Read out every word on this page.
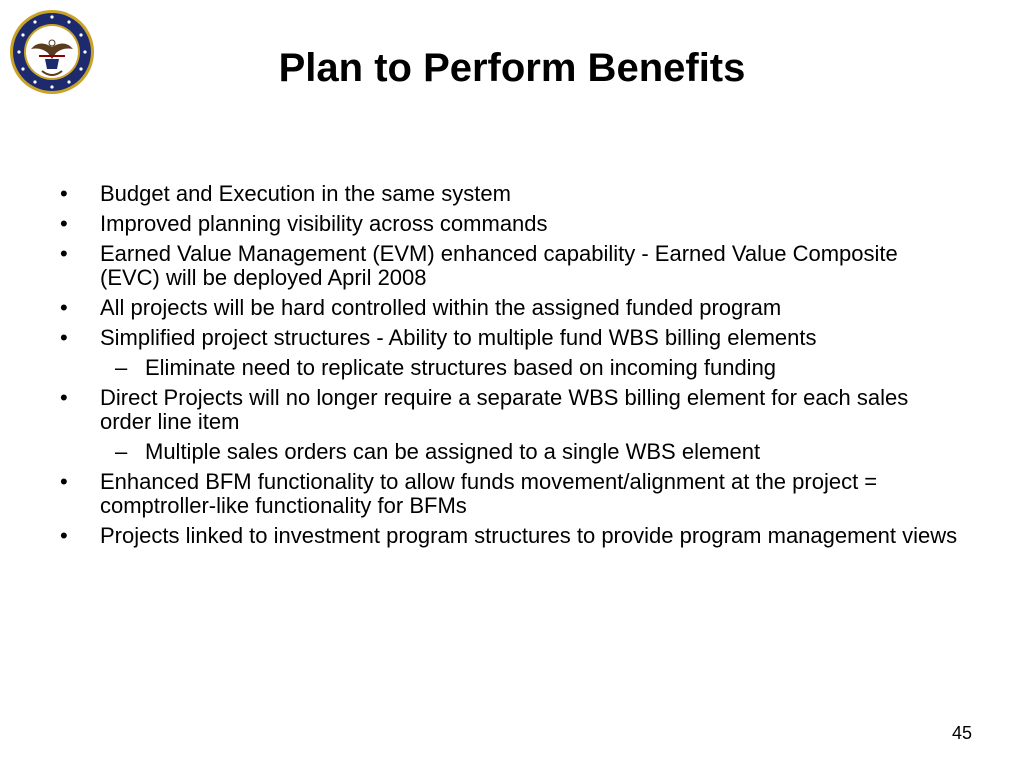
Plan to Perform Benefits
• Budget and Execution in the same system
• Improved planning visibility across commands
• Earned Value Management (EVM) enhanced capability - Earned Value Composite (EVC) will be deployed April 2008
• All projects will be hard controlled within the assigned funded program
• Simplified project structures - Ability to multiple fund WBS billing elements
– Eliminate need to replicate structures based on incoming funding
• Direct Projects will no longer require a separate WBS billing element for each sales order line item
– Multiple sales orders can be assigned to a single WBS element
• Enhanced BFM functionality to allow funds movement/alignment at the project = comptroller-like functionality for BFMs
• Projects linked to investment program structures to provide program management views
45
